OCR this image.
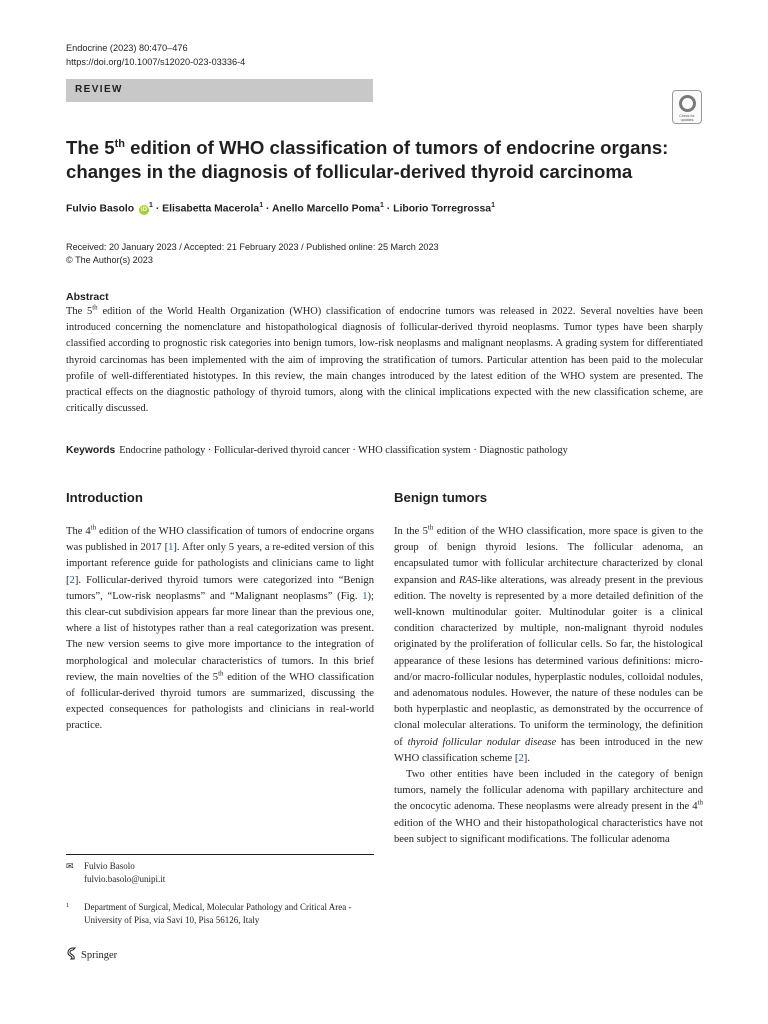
Endocrine (2023) 80:470–476
https://doi.org/10.1007/s12020-023-03336-4
REVIEW
Check for updates
The 5th edition of WHO classification of tumors of endocrine organs: changes in the diagnosis of follicular-derived thyroid carcinoma
Fulvio Basolo $iD^1$ · Elisabetta Macerola$^1$ · Anello Marcello Poma$^1$ · Liborio Torregrossa$^1$
Received: 20 January 2023 / Accepted: 21 February 2023 / Published online: 25 March 2023
© The Author(s) 2023
Abstract
The 5th edition of the World Health Organization (WHO) classification of endocrine tumors was released in 2022. Several novelties have been introduced concerning the nomenclature and histopathological diagnosis of follicular-derived thyroid neoplasms. Tumor types have been sharply classified according to prognostic risk categories into benign tumors, low-risk neoplasms and malignant neoplasms. A grading system for differentiated thyroid carcinomas has been implemented with the aim of improving the stratification of tumors. Particular attention has been paid to the molecular profile of well-differentiated histotypes. In this review, the main changes introduced by the latest edition of the WHO system are presented. The practical effects on the diagnostic pathology of thyroid tumors, along with the clinical implications expected with the new classification scheme, are critically discussed.
Keywords Endocrine pathology · Follicular-derived thyroid cancer · WHO classification system · Diagnostic pathology
Introduction
The 4th edition of the WHO classification of tumors of endocrine organs was published in 2017 [1]. After only 5 years, a re-edited version of this important reference guide for pathologists and clinicians came to light [2]. Follicular-derived thyroid tumors were categorized into “Benign tumors”, “Low-risk neoplasms” and “Malignant neoplasms” (Fig. 1); this clear-cut subdivision appears far more linear than the previous one, where a list of histotypes rather than a real categorization was present. The new version seems to give more importance to the integration of morphological and molecular characteristics of tumors. In this brief review, the main novelties of the 5th edition of the WHO classification of follicular-derived thyroid tumors are summarized, discussing the expected consequences for pathologists and clinicians in real-world practice.
✉ Fulvio Basolo
fulvio.basolo@unipi.it
1 Department of Surgical, Medical, Molecular Pathology and Critical Area - University of Pisa, via Savi 10, Pisa 56126, Italy
Springer
Benign tumors
In the 5th edition of the WHO classification, more space is given to the group of benign thyroid lesions. The follicular adenoma, an encapsulated tumor with follicular architecture characterized by clonal expansion and RAS-like alterations, was already present in the previous edition. The novelty is represented by a more detailed definition of the well-known multinodular goiter. Multinodular goiter is a clinical condition characterized by multiple, non-malignant thyroid nodules originated by the proliferation of follicular cells. So far, the histological appearance of these lesions has determined various definitions: micro- and/or macro-follicular nodules, hyperplastic nodules, colloidal nodules, and adenomatous nodules. However, the nature of these nodules can be both hyperplastic and neoplastic, as demonstrated by the occurrence of clonal molecular alterations. To uniform the terminology, the definition of thyroid follicular nodular disease has been introduced in the new WHO classification scheme [2].
Two other entities have been included in the category of benign tumors, namely the follicular adenoma with papillary architecture and the oncocytic adenoma. These neoplasms were already present in the 4th edition of the WHO and their histopathological characteristics have not been subject to significant modifications. The follicular adenoma
